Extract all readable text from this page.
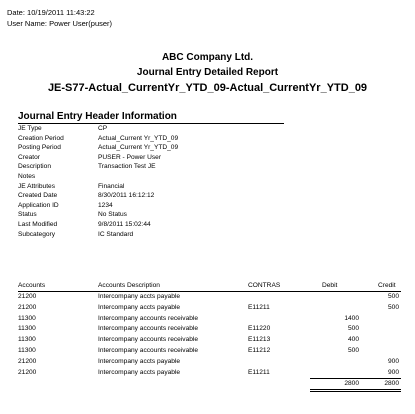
Date: 10/19/2011 11:43:22
User Name: Power User(puser)
ABC Company Ltd.
Journal Entry Detailed Report
JE-S77-Actual_CurrentYr_YTD_09-Actual_CurrentYr_YTD_09
Journal Entry Header Information
JE Type	CP
Creation Period	Actual_Current Yr_YTD_09
Posting Period	Actual_Current Yr_YTD_09
Creator	PUSER - Power User
Description	Transaction Test JE
Notes	
JE Attributes	Financial
Created Date	8/30/2011 16:12:12
Application ID	1234
Status	No Status
Last Modified	9/8/2011 15:02:44
Subcategory	IC Standard
Accounts	Accounts Description	CONTRAS	Debit	Credit
21200	Intercompany accts payable			500
21200	Intercompany accts payable	E11211		500
11300	Intercompany accounts receivable		1400	
11300	Intercompany accounts receivable	E11220	500	
11300	Intercompany accounts receivable	E11213	400	
11300	Intercompany accounts receivable	E11212	500	
21200	Intercompany accts payable			900
21200	Intercompany accts payable	E11211		900
			2800	2800
